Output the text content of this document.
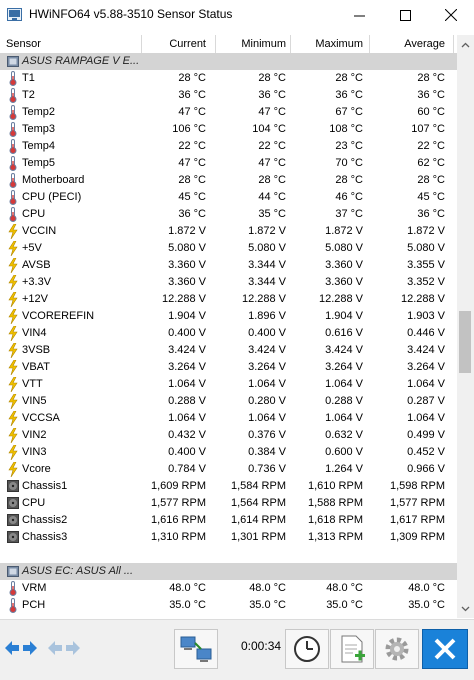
HWiNFO64 v5.88-3510 Sensor Status
Sensor	Current	Minimum	Maximum	Average
ASUS RAMPAGE V E...
T1	28 °C	28 °C	28 °C	28 °C
T2	36 °C	36 °C	36 °C	36 °C
Temp2	47 °C	47 °C	67 °C	60 °C
Temp3	106 °C	104 °C	108 °C	107 °C
Temp4	22 °C	22 °C	23 °C	22 °C
Temp5	47 °C	47 °C	70 °C	62 °C
Motherboard	28 °C	28 °C	28 °C	28 °C
CPU (PECI)	45 °C	44 °C	46 °C	45 °C
CPU	36 °C	35 °C	37 °C	36 °C
VCCIN	1.872 V	1.872 V	1.872 V	1.872 V
+5V	5.080 V	5.080 V	5.080 V	5.080 V
AVSB	3.360 V	3.344 V	3.360 V	3.355 V
+3.3V	3.360 V	3.344 V	3.360 V	3.352 V
+12V	12.288 V	12.288 V	12.288 V	12.288 V
VCOREREFIN	1.904 V	1.896 V	1.904 V	1.903 V
VIN4	0.400 V	0.400 V	0.616 V	0.446 V
3VSB	3.424 V	3.424 V	3.424 V	3.424 V
VBAT	3.264 V	3.264 V	3.264 V	3.264 V
VTT	1.064 V	1.064 V	1.064 V	1.064 V
VIN5	0.288 V	0.280 V	0.288 V	0.287 V
VCCSA	1.064 V	1.064 V	1.064 V	1.064 V
VIN2	0.432 V	0.376 V	0.632 V	0.499 V
VIN3	0.400 V	0.384 V	0.600 V	0.452 V
Vcore	0.784 V	0.736 V	1.264 V	0.966 V
Chassis1	1,609 RPM	1,584 RPM	1,610 RPM	1,598 RPM
CPU	1,577 RPM	1,564 RPM	1,588 RPM	1,577 RPM
Chassis2	1,616 RPM	1,614 RPM	1,618 RPM	1,617 RPM
Chassis3	1,310 RPM	1,301 RPM	1,313 RPM	1,309 RPM
ASUS EC: ASUS All ...
VRM	48.0 °C	48.0 °C	48.0 °C	48.0 °C
PCH	35.0 °C	35.0 °C	35.0 °C	35.0 °C
0:00:34
